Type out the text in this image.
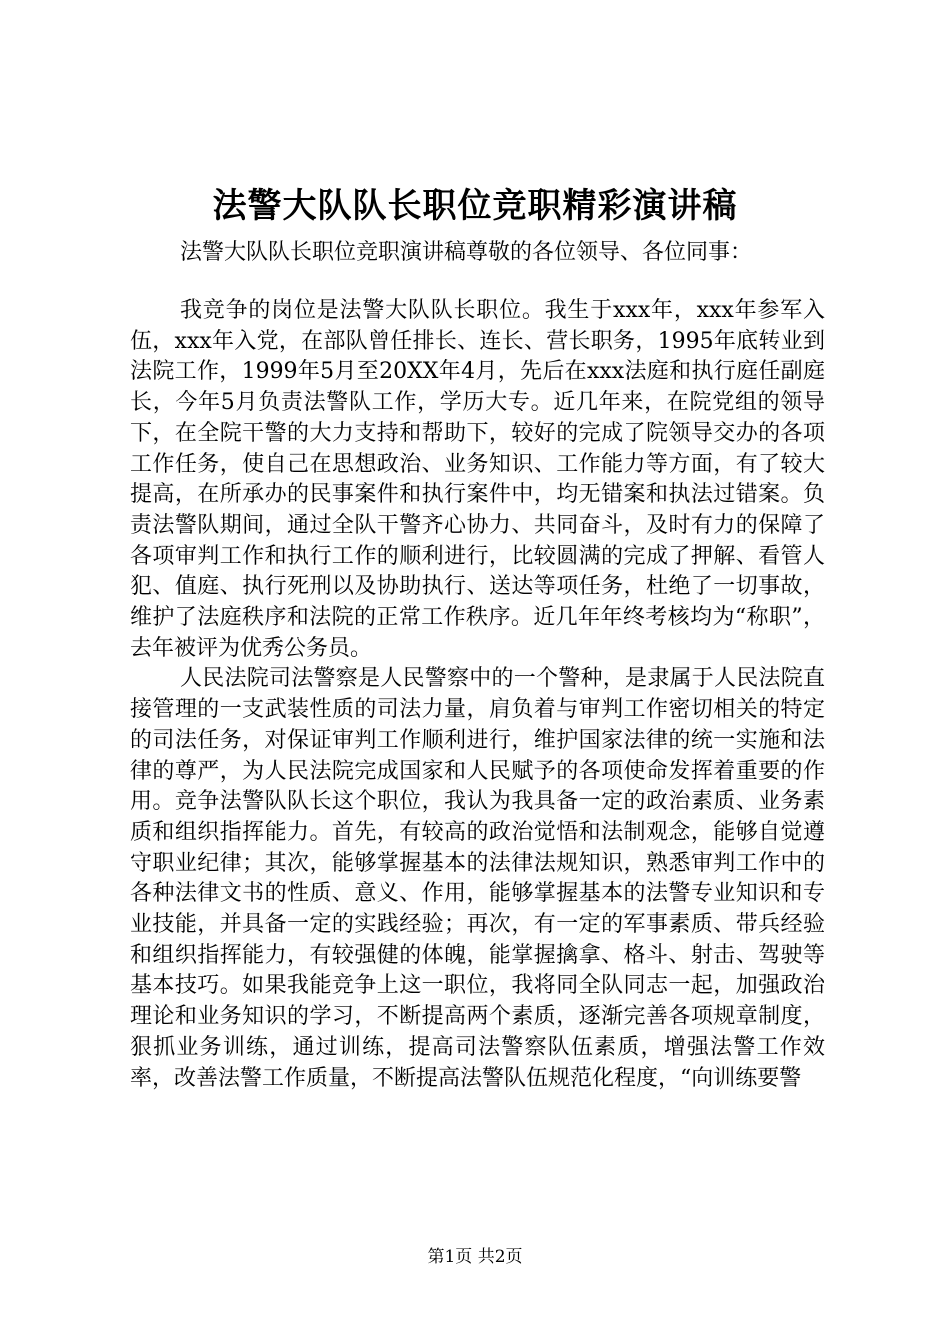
法警大队队长职位竞职精彩演讲稿
法警大队队长职位竞职演讲稿尊敬的各位领导、各位同事：

我竞争的岗位是法警大队队长职位。我生于xxx年，xxx年参军入伍，xxx年入党，在部队曾任排长、连长、营长职务，1995年底转业到法院工作，1999年5月至20XX年4月，先后在xxx法庭和执行庭任副庭长，今年5月负责法警队工作，学历大专。近几年来，在院党组的领导下，在全院干警的大力支持和帮助下，较好的完成了院领导交办的各项工作任务，使自己在思想政治、业务知识、工作能力等方面，有了较大提高，在所承办的民事案件和执行案件中，均无错案和执法过错案。负责法警队期间，通过全队干警齐心协力、共同奋斗，及时有力的保障了各项审判工作和执行工作的顺利进行，比较圆满的完成了押解、看管人犯、值庭、执行死刑以及协助执行、送达等项任务，杜绝了一切事故，维护了法庭秩序和法院的正常工作秩序。近几年年终考核均为“称职”，去年被评为优秀公务员。

人民法院司法警察是人民警察中的一个警种，是隶属于人民法院直接管理的一支武装性质的司法力量，肩负着与审判工作密切相关的特定的司法任务，对保证审判工作顺利进行，维护国家法律的统一实施和法律的尊严，为人民法院完成国家和人民赋予的各项使命发挥着重要的作用。竞争法警队队长这个职位，我认为我具备一定的政治素质、业务素质和组织指挥能力。首先，有较高的政治觉悟和法制观念，能够自觉遵守职业纪律；其次，能够掌握基本的法律法规知识，熟悉审判工作中的各种法律文书的性质、意义、作用，能够掌握基本的法警专业知识和专业技能，并具备一定的实践经验；再次，有一定的军事素质、带兵经验和组织指挥能力，有较强健的体魄，能掌握擒拿、格斗、射击、驾驶等基本技巧。如果我能竞争上这一职位，我将同全队同志一起，加强政治理论和业务知识的学习，不断提高两个素质，逐渐完善各项规章制度，狠抓业务训练，通过训练，提高司法警察队伍素质，增强法警工作效率，改善法警工作质量，不断提高法警队伍规范化程度，“向训练要警

第1页 共2页
